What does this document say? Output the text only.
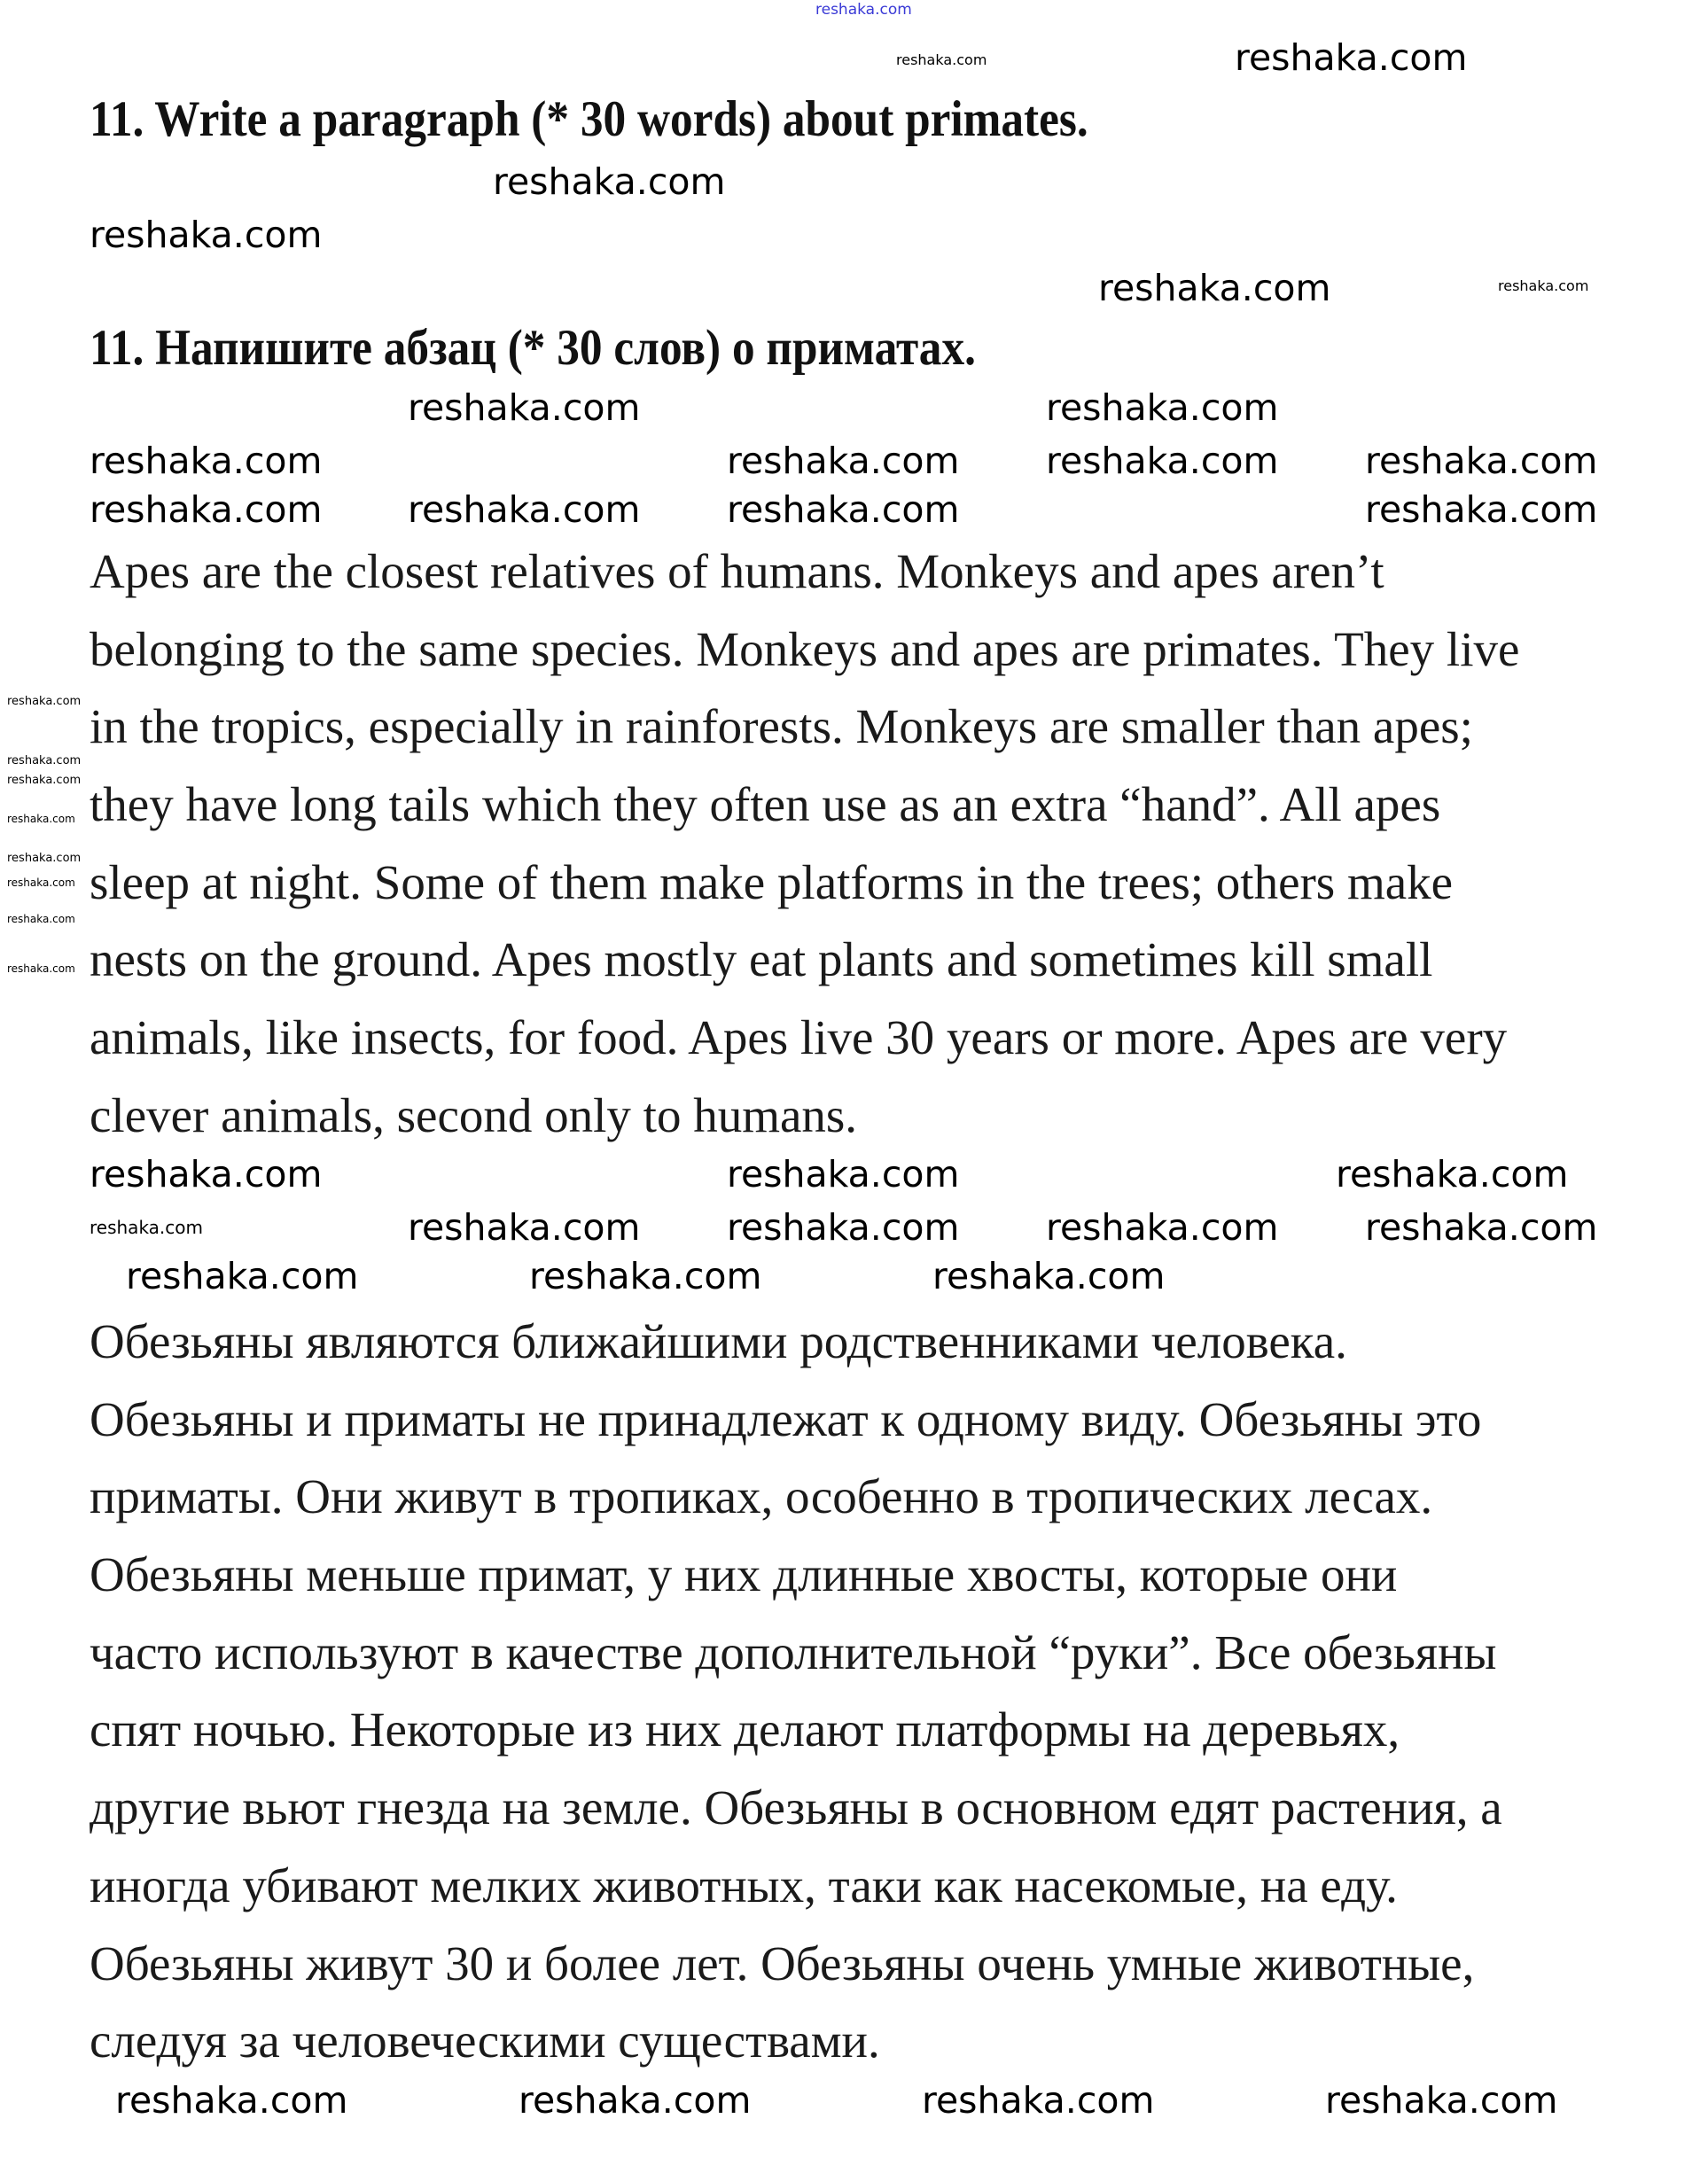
reshaka.com
11. Write a paragraph (* 30 words) about primates.
11. Напишите абзац (* 30 слов) о приматах.
Apes are the closest relatives of humans. Monkeys and apes aren’t
belonging to the same species. Monkeys and apes are primates. They live
in the tropics, especially in rainforests. Monkeys are smaller than apes;
they have long tails which they often use as an extra “hand”. All apes
sleep at night. Some of them make platforms in the trees; others make
nests on the ground. Apes mostly eat plants and sometimes kill small
animals, like insects, for food. Apes live 30 years or more. Apes are very
clever animals, second only to humans.
Обезьяны являются ближайшими родственниками человека.
Обезьяны и приматы не принадлежат к одному виду. Обезьяны это
приматы. Они живут в тропиках, особенно в тропических лесах.
Обезьяны меньше примат, у них длинные хвосты, которые они
часто используют в качестве дополнительной “руки”. Все обезьяны
спят ночью. Некоторые из них делают платформы на деревьях,
другие вьют гнезда на земле. Обезьяны в основном едят растения, а
иногда убивают мелких животных, таки как насекомые, на еду.
Обезьяны живут 30 и более лет. Обезьяны очень умные животные,
следуя за человеческими существами.
reshaka.com	reshaka.com
reshaka.com
reshaka.com
reshaka.com	reshaka.com
reshaka.com	reshaka.com
reshaka.com	reshaka.com reshaka.com reshaka.com
reshaka.com reshaka.com reshaka.com	reshaka.com
reshaka.com
reshaka.com
reshaka.com
reshaka.com
reshaka.com
reshaka.com
reshaka.com
reshaka.com
reshaka.com	reshaka.com	reshaka.com
reshaka.com	reshaka.com reshaka.com reshaka.com reshaka.com
reshaka.com	reshaka.com	reshaka.com
reshaka.com	reshaka.com	reshaka.com	reshaka.com
